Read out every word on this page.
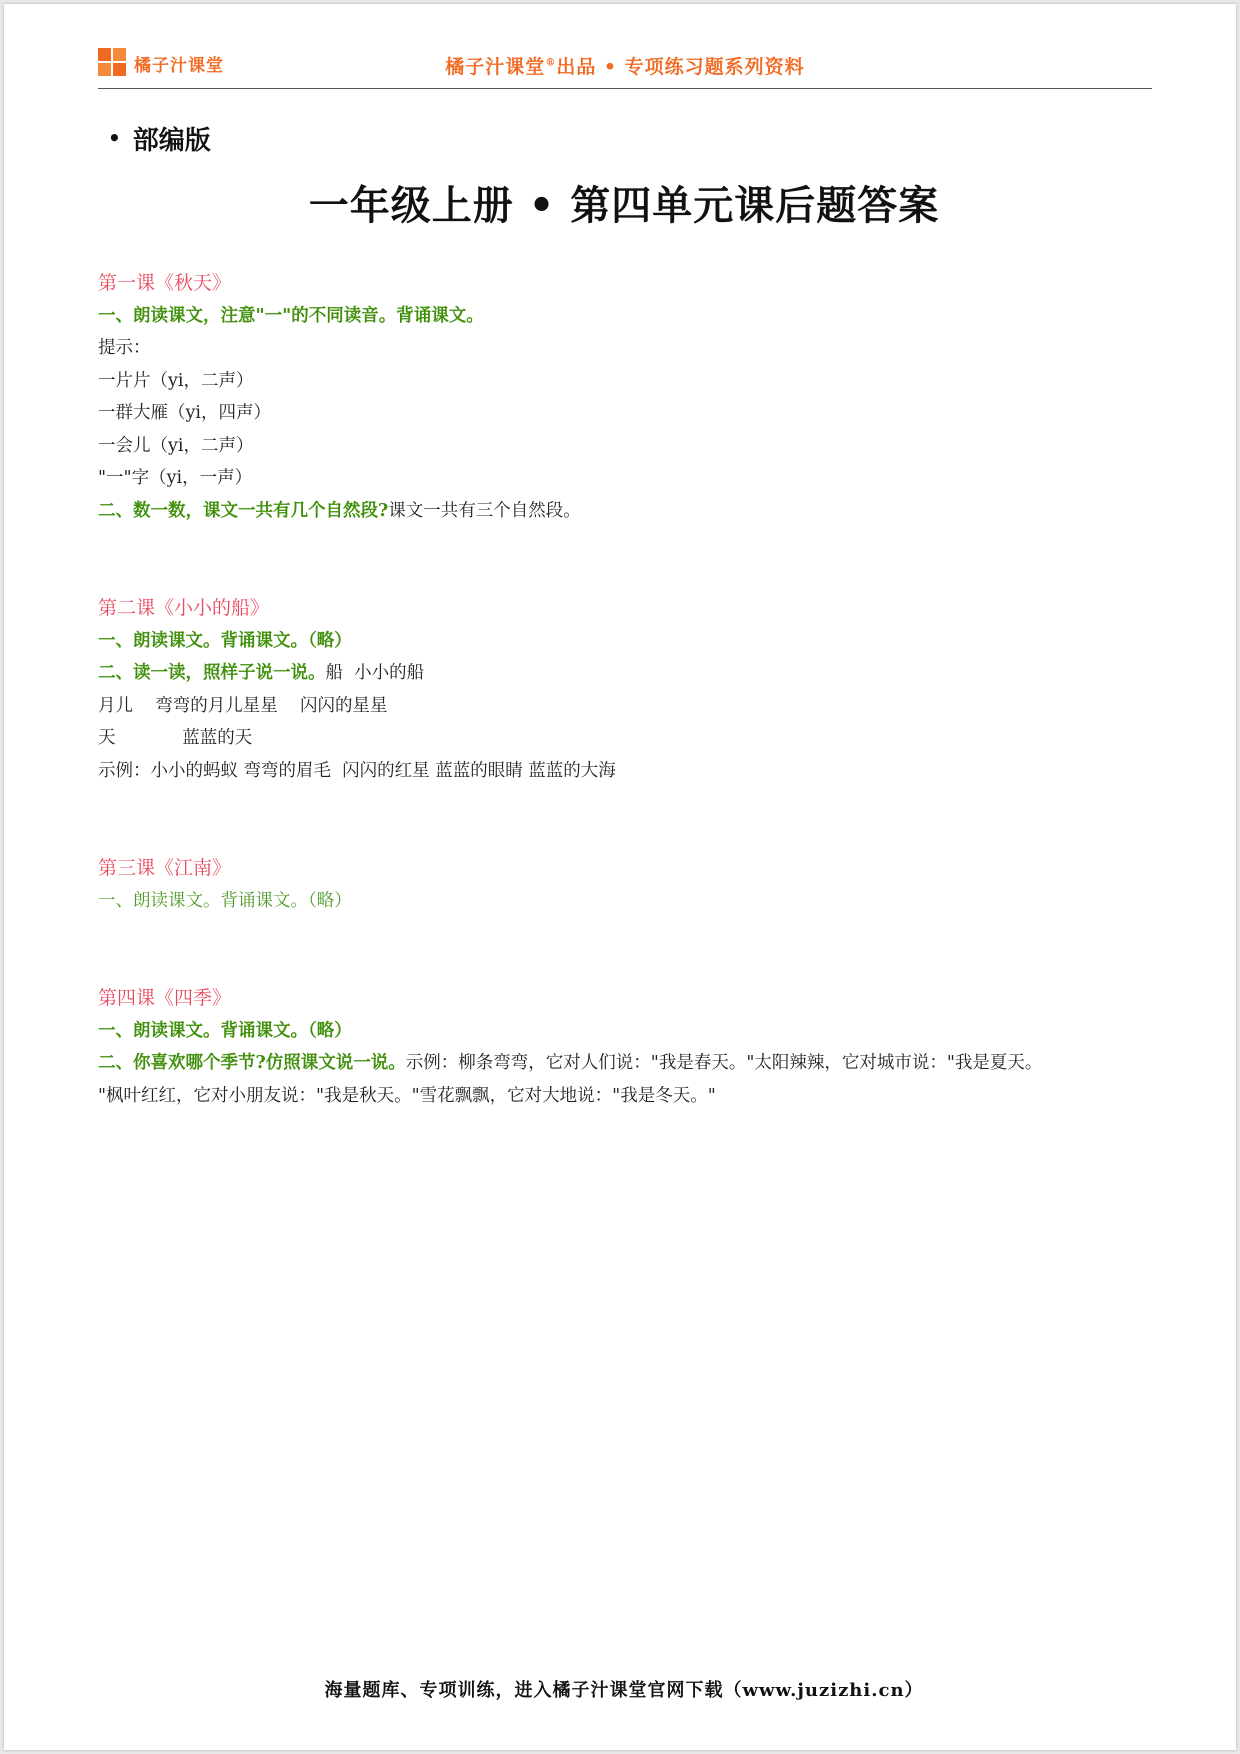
橘子汁课堂	橘子汁课堂®出品 • 专项练习题系列资料
• 部编版
一年级上册 • 第四单元课后题答案
第一课《秋天》
一、朗读课文，注意"一"的不同读音。背诵课文。
提示：
一片片（yi，二声）
一群大雁（yi，四声）
一会儿（yi，二声）
"一"字（yi，一声）
二、数一数，课文一共有几个自然段?课文一共有三个自然段。
第二课《小小的船》
一、朗读课文。背诵课文。（略）
二、读一读，照样子说一说。船  小小的船
月儿    弯弯的月儿星星    闪闪的星星
天            蓝蓝的天
示例：小小的蚂蚁 弯弯的眉毛  闪闪的红星 蓝蓝的眼睛 蓝蓝的大海
第三课《江南》
一、朗读课文。背诵课文。（略）
第四课《四季》
一、朗读课文。背诵课文。（略）
二、你喜欢哪个季节?仿照课文说一说。示例：柳条弯弯，它对人们说："我是春天。"太阳辣辣，它对城市说："我是夏天。
"枫叶红红，它对小朋友说："我是秋天。"雪花飘飘，它对大地说："我是冬天。"
海量题库、专项训练，进入橘子汁课堂官网下载（www.juzizhi.cn）
